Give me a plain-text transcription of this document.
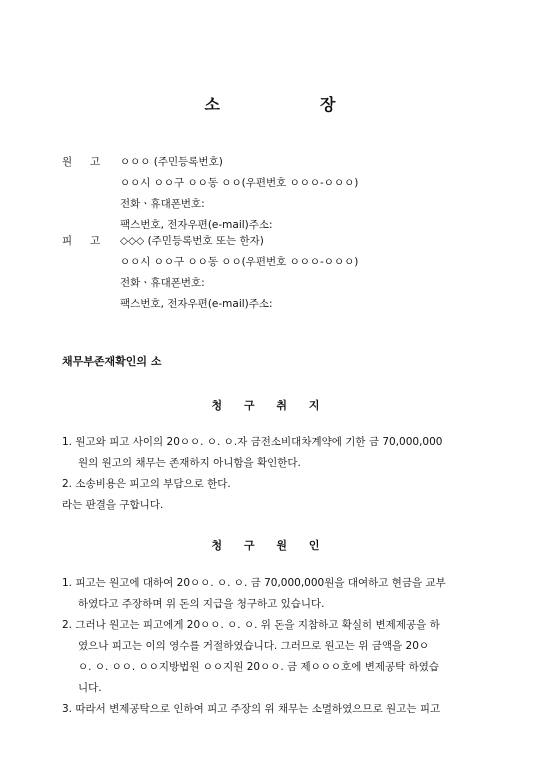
소	장
원	고 ㅇㅇㅇ (주민등록번호)
ㅇㅇ시 ㅇㅇ구 ㅇㅇ동 ㅇㅇ(우편번호 ㅇㅇㅇ-ㅇㅇㅇ)
전화ㆍ휴대폰번호:
팩스번호, 전자우편(e-mail)주소:
피	고 ◇◇◇ (주민등록번호 또는 한자)
ㅇㅇ시 ㅇㅇ구 ㅇㅇ동 ㅇㅇ(우편번호 ㅇㅇㅇ-ㅇㅇㅇ)
전화ㆍ휴대폰번호:
팩스번호, 전자우편(e-mail)주소:
채무부존재확인의 소
청 구 취 지
1. 원고와 피고 사이의 20ㅇㅇ. ㅇ. ㅇ.자 금전소비대차계약에 기한 금 70,000,000
원의 원고의 채무는 존재하지 아니함을 확인한다.
2. 소송비용은 피고의 부담으로 한다.
라는 판결을 구합니다.
청 구 원 인
1. 피고는 원고에 대하여 20ㅇㅇ. ㅇ. ㅇ. 금 70,000,000원을 대여하고 현금을 교부
하였다고 주장하며 위 돈의 지급을 청구하고 있습니다.
2. 그러나 원고는 피고에게 20ㅇㅇ. ㅇ. ㅇ. 위 돈을 지참하고 확실히 변제제공을 하
였으나 피고는 이의 영수를 거절하였습니다. 그러므로 원고는 위 금액을 20ㅇ
ㅇ. ㅇ. ㅇㅇ. ㅇㅇ지방법원 ㅇㅇ지원 20ㅇㅇ. 금 제ㅇㅇㅇ호에 변제공탁 하였습
니다.
3. 따라서 변제공탁으로 인하여 피고 주장의 위 채무는 소멸하였으므로 원고는 피고
